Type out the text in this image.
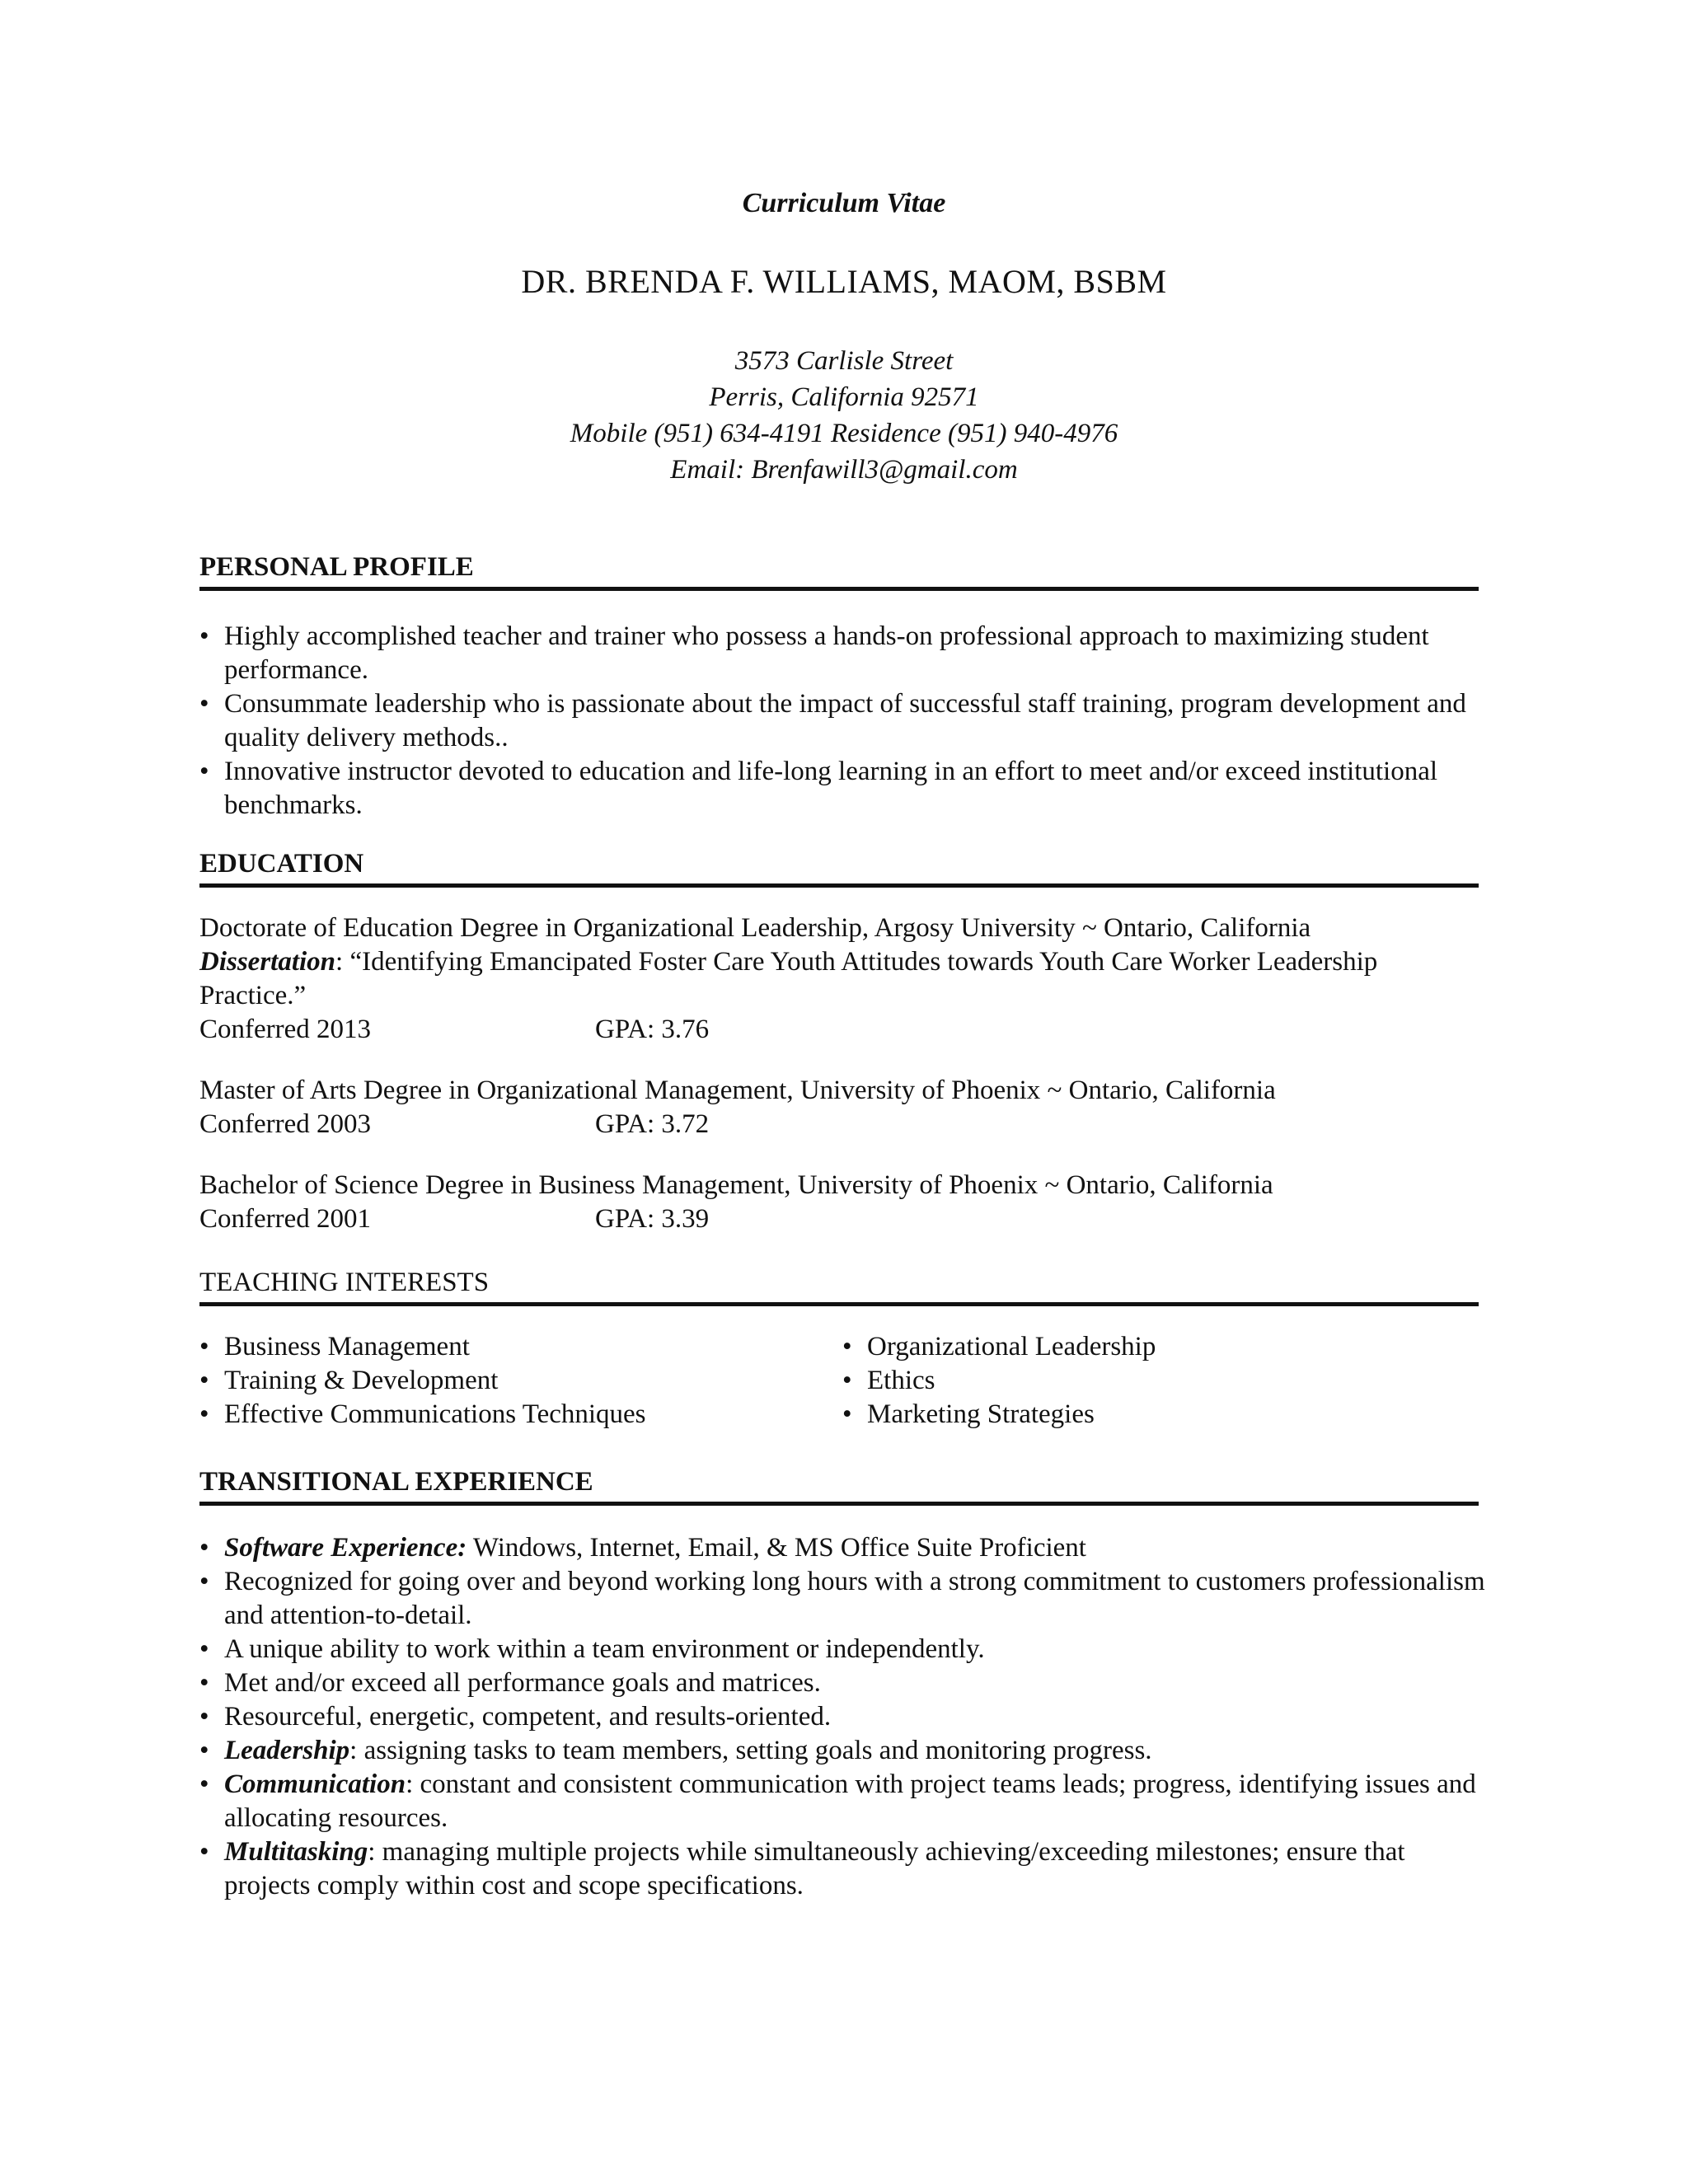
Curriculum Vitae
DR. BRENDA F. WILLIAMS, MAOM, BSBM
3573 Carlisle Street
Perris, California 92571
Mobile (951) 634-4191 Residence (951) 940-4976
Email: Brenfawill3@gmail.com
PERSONAL PROFILE
• Highly accomplished teacher and trainer who possess a hands-on professional approach to maximizing student performance.
• Consummate leadership who is passionate about the impact of successful staff training, program development and quality delivery methods..
• Innovative instructor devoted to education and life-long learning in an effort to meet and/or exceed institutional benchmarks.
EDUCATION
Doctorate of Education Degree in Organizational Leadership, Argosy University ~ Ontario, California
Dissertation: “Identifying Emancipated Foster Care Youth Attitudes towards Youth Care Worker Leadership Practice.”
Conferred 2013	GPA: 3.76
Master of Arts Degree in Organizational Management, University of Phoenix ~ Ontario, California
Conferred 2003	GPA: 3.72
Bachelor of Science Degree in Business Management, University of Phoenix ~ Ontario, California
Conferred 2001	GPA: 3.39
TEACHING INTERESTS
• Business Management
• Training & Development
• Effective Communications Techniques
• Organizational Leadership
• Ethics
• Marketing Strategies
TRANSITIONAL EXPERIENCE
• Software Experience: Windows, Internet, Email, & MS Office Suite Proficient
• Recognized for going over and beyond working long hours with a strong commitment to customers professionalism and attention-to-detail.
• A unique ability to work within a team environment or independently.
• Met and/or exceed all performance goals and matrices.
• Resourceful, energetic, competent, and results-oriented.
• Leadership: assigning tasks to team members, setting goals and monitoring progress.
• Communication: constant and consistent communication with project teams leads; progress, identifying issues and allocating resources.
• Multitasking: managing multiple projects while simultaneously achieving/exceeding milestones; ensure that projects comply within cost and scope specifications.
